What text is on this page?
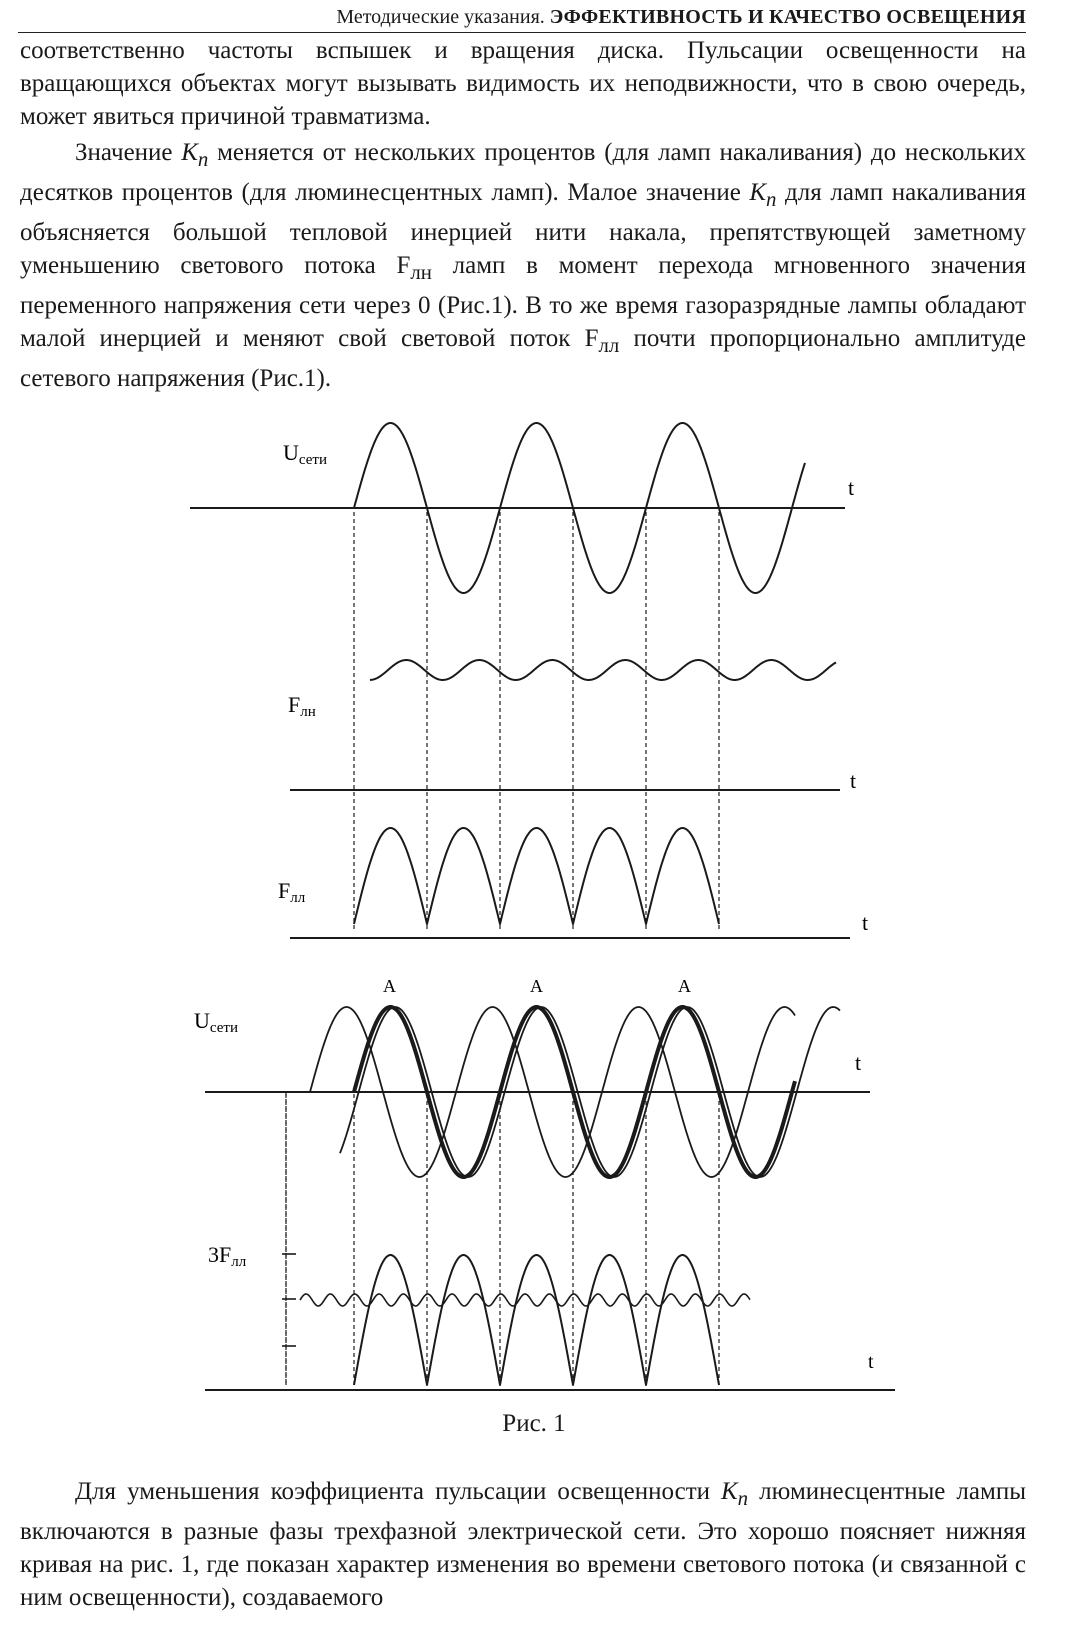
Методические указания. ЭФФЕКТИВНОСТЬ И КАЧЕСТВО ОСВЕЩЕНИЯ

соответственно частоты вспышек и вращения диска. Пульсации освещенности на вращающихся объектах могут вызывать видимость их неподвижности, что в свою очередь, может явиться причиной травматизма.

Значение $К_п$ меняется от нескольких процентов (для ламп накаливания) до нескольких десятков процентов (для люминесцентных ламп). Малое значение $К_п$ для ламп накаливания объясняется большой тепловой инерцией нити накала, препятствующей заметному уменьшению светового потока $F_{лн}$ ламп в момент перехода мгновенного значения переменного напряжения сети через 0 (Рис.1). В то же время газоразрядные лампы обладают малой инерцией и меняют свой световой поток $F_{лл}$ почти пропорционально амплитуде сетевого напряжения (Рис.1).

Uсети
t
Fлн
t
Fлл
t
Uсети
t
A	A	A
3Fлл
t
Рис. 1

Для уменьшения коэффициента пульсации освещенности $К_п$ люминесцентные лампы включаются в разные фазы трехфазной электрической сети. Это хорошо поясняет нижняя кривая на рис. 1, где показан характер изменения во времени светового потока (и связанной с ним освещенности), создаваемого
